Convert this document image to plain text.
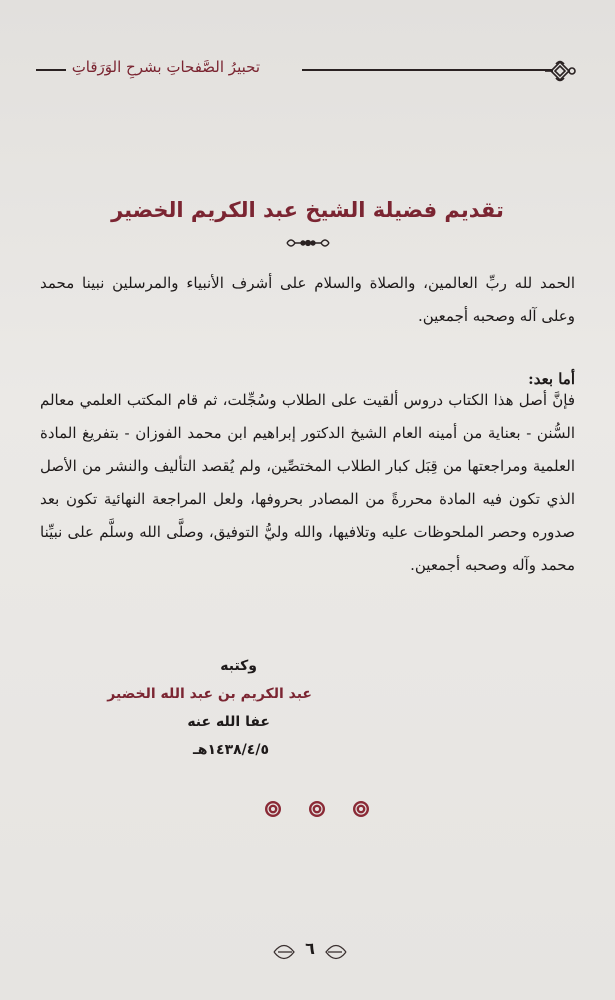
تحبيرُ الصَّفحاتِ بشرحِ الوَرَقاتِ
تقديم فضيلة الشيخ عبد الكريم الخضير
الحمد لله ربِّ العالمين، والصلاة والسلام على أشرف الأنبياء والمرسلين نبينا محمد وعلى آله وصحبه أجمعين.
أما بعد:
فإنَّ أصل هذا الكتاب دروس ألقيت على الطلاب وسُجِّلت، ثم قام المكتب العلمي معالم السُّنن - بعناية من أمينه العام الشيخ الدكتور إبراهيم ابن محمد الفوزان - بتفريغ المادة العلمية ومراجعتها من قِبَل كبار الطلاب المختصِّين، ولم يُقصد التأليف والنشر من الأصل الذي تكون فيه المادة محررةً من المصادر بحروفها، ولعل المراجعة النهائية تكون بعد صدوره وحصر الملحوظات عليه وتلافيها، والله وليُّ التوفيق، وصلَّى الله وسلَّم على نبيِّنا محمد وآله وصحبه أجمعين.
وكتبه
عبد الكريم بن عبد الله الخضير
عفا الله عنه
١٤٣٨/٤/٥هـ
٦
